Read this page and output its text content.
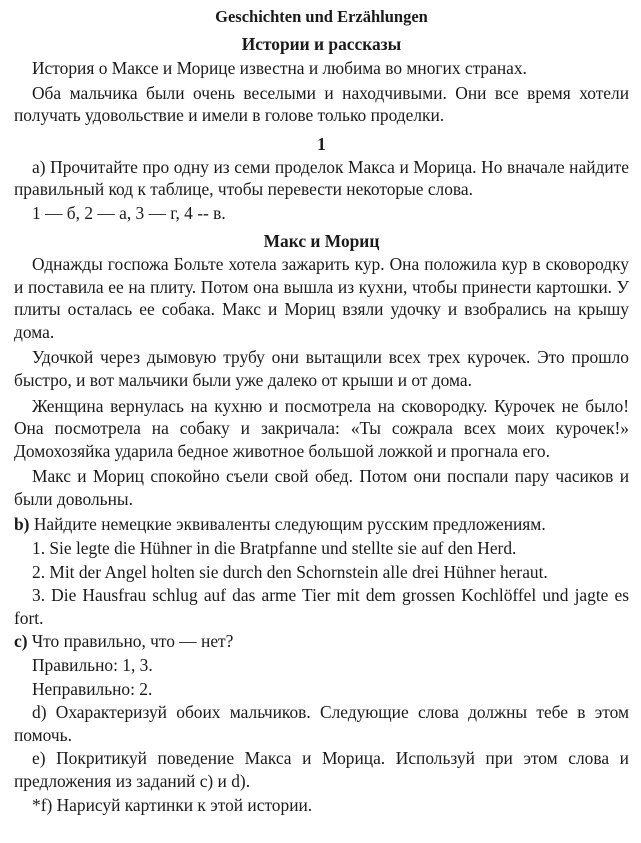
Geschichten und Erzählungen
Истории и рассказы

История о Максе и Морице известна и любима во многих странах.

Оба мальчика были очень веселыми и находчивыми. Они все время хотели получать удовольствие и имели в голове только проделки.

1

а) Прочитайте про одну из семи проделок Макса и Морица. Но вначале найдите правильный код к таблице, чтобы перевести некоторые слова.

1 — б, 2 — а, 3 — г, 4 -- в.

Макс и Мориц

Однажды госпожа Больте хотела зажарить кур. Она положила кур в сковородку и поставила ее на плиту. Потом она вышла из кухни, чтобы принести картошки. У плиты осталась ее собака. Макс и Мориц взяли удочку и взобрались на крышу дома.

Удочкой через дымовую трубу они вытащили всех трех курочек. Это прошло быстро, и вот мальчики были уже далеко от крыши и от дома.

Женщина вернулась на кухню и посмотрела на сковородку. Курочек не было! Она посмотрела на собаку и закричала: «Ты сожрала всех моих курочек!» Домохозяйка ударила бедное животное большой ложкой и прогнала его.

Макс и Мориц спокойно съели свой обед. Потом они поспали пару часиков и были довольны.

b) Найдите немецкие эквиваленты следующим русским предложениям.

1. Sie legte die Hühner in die Bratpfanne und stellte sie auf den Herd.

2. Mit der Angel holten sie durch den Schornstein alle drei Hühner heraut.

3. Die Hausfrau schlug auf das arme Tier mit dem grossen Kochlöffel und jagte es fort.

c) Что правильно, что — нет?

Правильно: 1, 3.

Неправильно: 2.

d) Охарактеризуй обоих мальчиков. Следующие слова должны тебе в этом помочь.

e) Покритикуй поведение Макса и Морица. Используй при этом слова и предложения из заданий c) и d).

*f) Нарисуй картинки к этой истории.
